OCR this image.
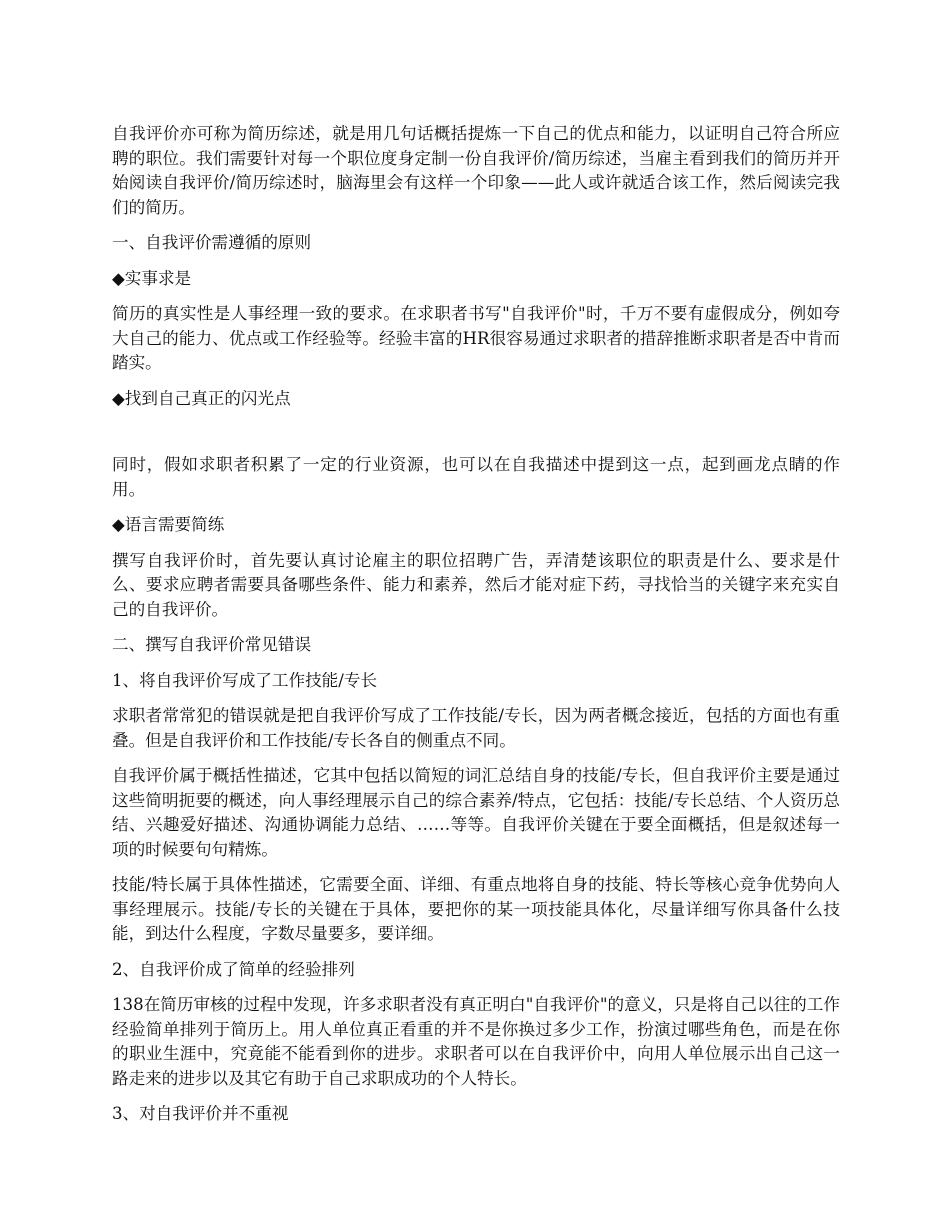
自我评价亦可称为简历综述，就是用几句话概括提炼一下自己的优点和能力，以证明自己符合所应聘的职位。我们需要针对每一个职位度身定制一份自我评价/简历综述，当雇主看到我们的简历并开始阅读自我评价/简历综述时，脑海里会有这样一个印象——此人或许就适合该工作，然后阅读完我们的简历。

一、自我评价需遵循的原则

◆实事求是

简历的真实性是人事经理一致的要求。在求职者书写"自我评价"时，千万不要有虚假成分，例如夸大自己的能力、优点或工作经验等。经验丰富的HR很容易通过求职者的措辞推断求职者是否中肯而踏实。

◆找到自己真正的闪光点

同时，假如求职者积累了一定的行业资源，也可以在自我描述中提到这一点，起到画龙点睛的作用。

◆语言需要简练

撰写自我评价时，首先要认真讨论雇主的职位招聘广告，弄清楚该职位的职责是什么、要求是什么、要求应聘者需要具备哪些条件、能力和素养，然后才能对症下药，寻找恰当的关键字来充实自己的自我评价。

二、撰写自我评价常见错误

1、将自我评价写成了工作技能/专长

求职者常常犯的错误就是把自我评价写成了工作技能/专长，因为两者概念接近，包括的方面也有重叠。但是自我评价和工作技能/专长各自的侧重点不同。

自我评价属于概括性描述，它其中包括以简短的词汇总结自身的技能/专长，但自我评价主要是通过这些简明扼要的概述，向人事经理展示自己的综合素养/特点，它包括：技能/专长总结、个人资历总结、兴趣爱好描述、沟通协调能力总结、……等等。自我评价关键在于要全面概括，但是叙述每一项的时候要句句精炼。

技能/特长属于具体性描述，它需要全面、详细、有重点地将自身的技能、特长等核心竞争优势向人事经理展示。技能/专长的关键在于具体，要把你的某一项技能具体化，尽量详细写你具备什么技能，到达什么程度，字数尽量要多，要详细。

2、自我评价成了简单的经验排列

138在简历审核的过程中发现，许多求职者没有真正明白"自我评价"的意义，只是将自己以往的工作经验简单排列于简历上。用人单位真正看重的并不是你换过多少工作，扮演过哪些角色，而是在你的职业生涯中，究竟能不能看到你的进步。求职者可以在自我评价中，向用人单位展示出自己这一路走来的进步以及其它有助于自己求职成功的个人特长。

3、对自我评价并不重视
